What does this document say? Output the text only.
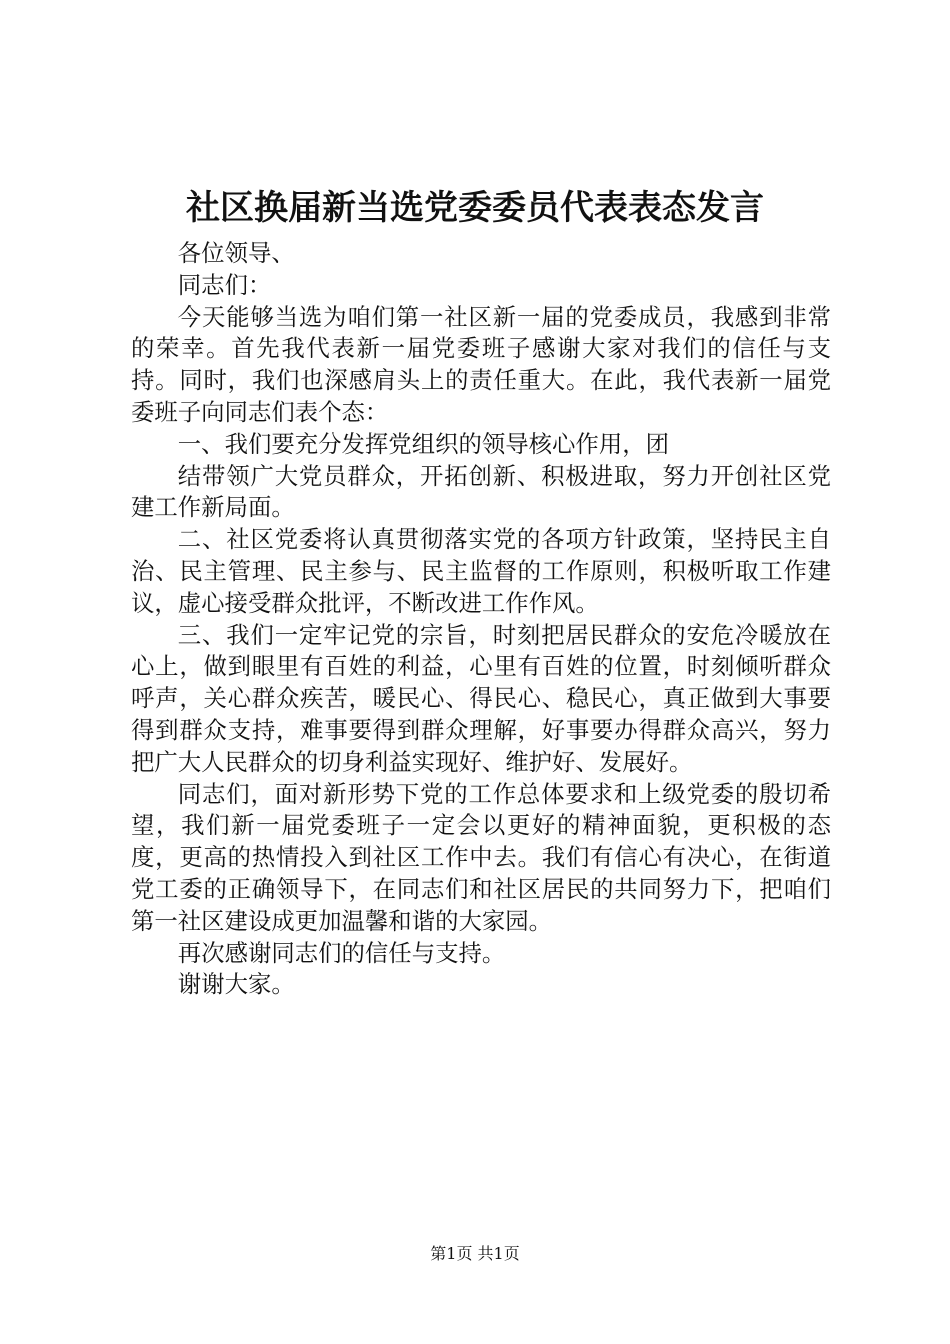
社区换届新当选党委委员代表表态发言

各位领导、

同志们：

今天能够当选为咱们第一社区新一届的党委成员，我感到非常的荣幸。首先我代表新一届党委班子感谢大家对我们的信任与支持。同时，我们也深感肩头上的责任重大。在此，我代表新一届党委班子向同志们表个态：

一、我们要充分发挥党组织的领导核心作用，团

结带领广大党员群众，开拓创新、积极进取，努力开创社区党建工作新局面。

二、社区党委将认真贯彻落实党的各项方针政策，坚持民主自治、民主管理、民主参与、民主监督的工作原则，积极听取工作建议，虚心接受群众批评，不断改进工作作风。

三、我们一定牢记党的宗旨，时刻把居民群众的安危冷暖放在心上，做到眼里有百姓的利益，心里有百姓的位置，时刻倾听群众呼声，关心群众疾苦，暖民心、得民心、稳民心，真正做到大事要得到群众支持，难事要得到群众理解，好事要办得群众高兴，努力把广大人民群众的切身利益实现好、维护好、发展好。

同志们，面对新形势下党的工作总体要求和上级党委的殷切希望，我们新一届党委班子一定会以更好的精神面貌，更积极的态度，更高的热情投入到社区工作中去。我们有信心有决心，在街道党工委的正确领导下，在同志们和社区居民的共同努力下，把咱们第一社区建设成更加温馨和谐的大家园。

再次感谢同志们的信任与支持。

谢谢大家。

第1页 共1页
